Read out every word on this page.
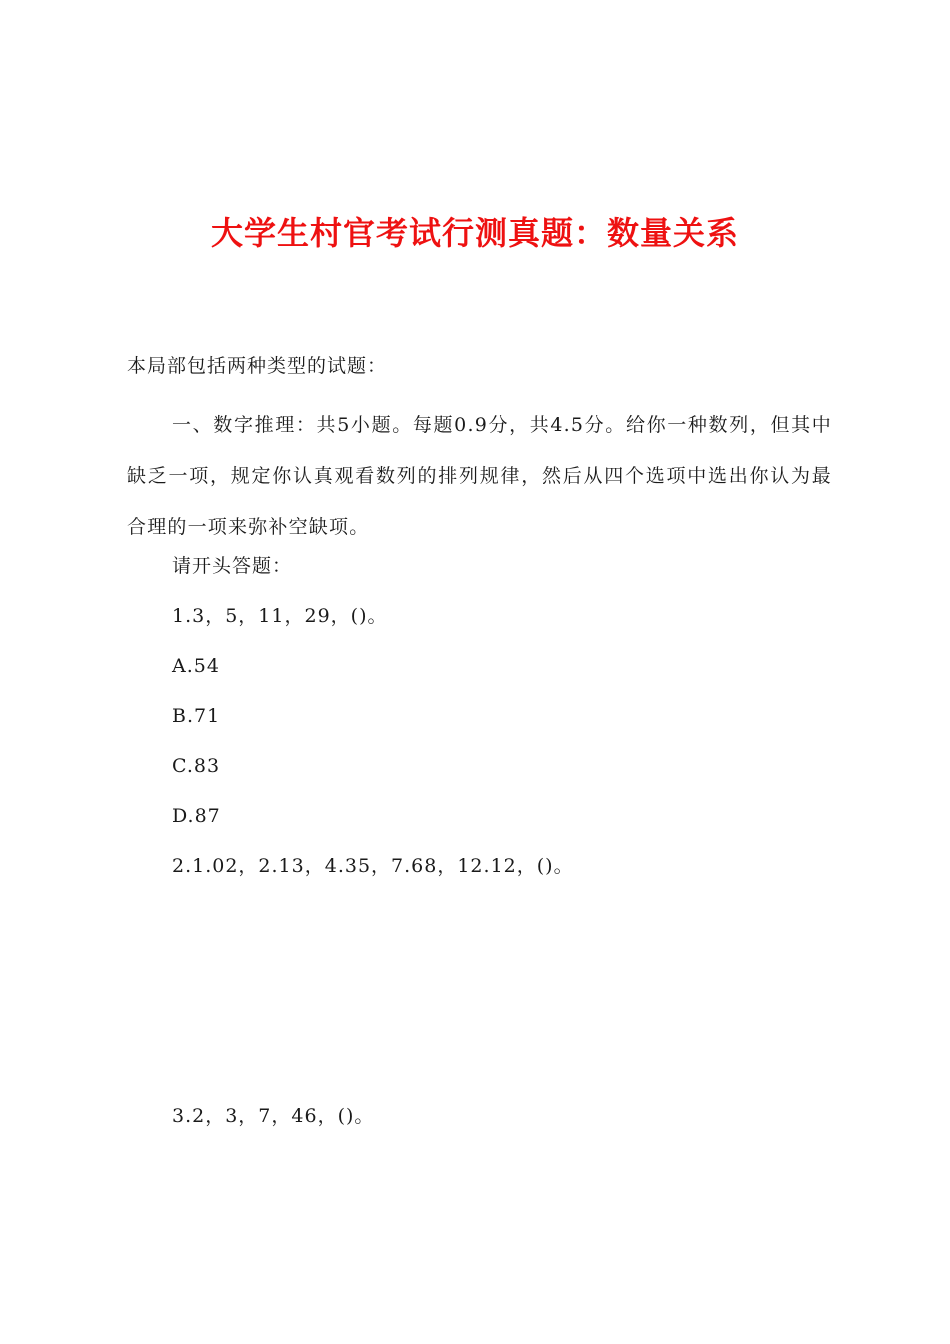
大学生村官考试行测真题：数量关系
本局部包括两种类型的试题：

一、数字推理：共5小题。每题0.9分，共4.5分。给你一种数列，但其中缺乏一项，规定你认真观看数列的排列规律，然后从四个选项中选出你认为最合理的一项来弥补空缺项。

请开头答题：
1.3，5，11，29，()。
A.54
B.71
C.83
D.87
2.1.02，2.13，4.35，7.68，12.12，()。
3.2，3，7，46，()。
